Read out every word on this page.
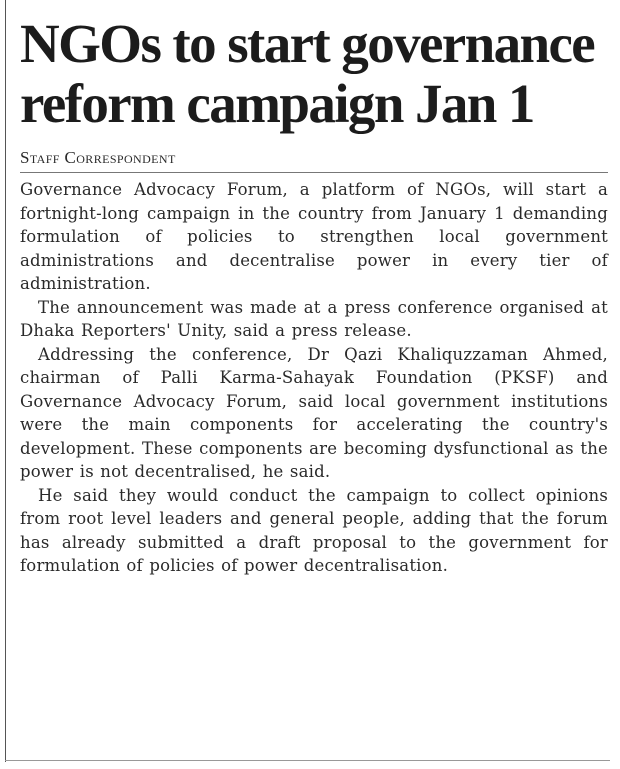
NGOs to start governance
reform campaign Jan 1
Staff Correspondent

Governance Advocacy Forum, a platform of NGOs, will start a fortnight-long campaign in the country from January 1 demanding formulation of policies to strengthen local government administrations and decentralise power in every tier of administration.

The announcement was made at a press conference organised at Dhaka Reporters' Unity, said a press release.

Addressing the conference, Dr Qazi Khaliquzzaman Ahmed, chairman of Palli Karma-Sahayak Foundation (PKSF) and Governance Advocacy Forum, said local government institutions were the main components for accelerating the country's development. These components are becoming dysfunctional as the power is not decentralised, he said.

He said they would conduct the campaign to collect opinions from root level leaders and general people, adding that the forum has already submitted a draft proposal to the government for formulation of policies of power decentralisation.
